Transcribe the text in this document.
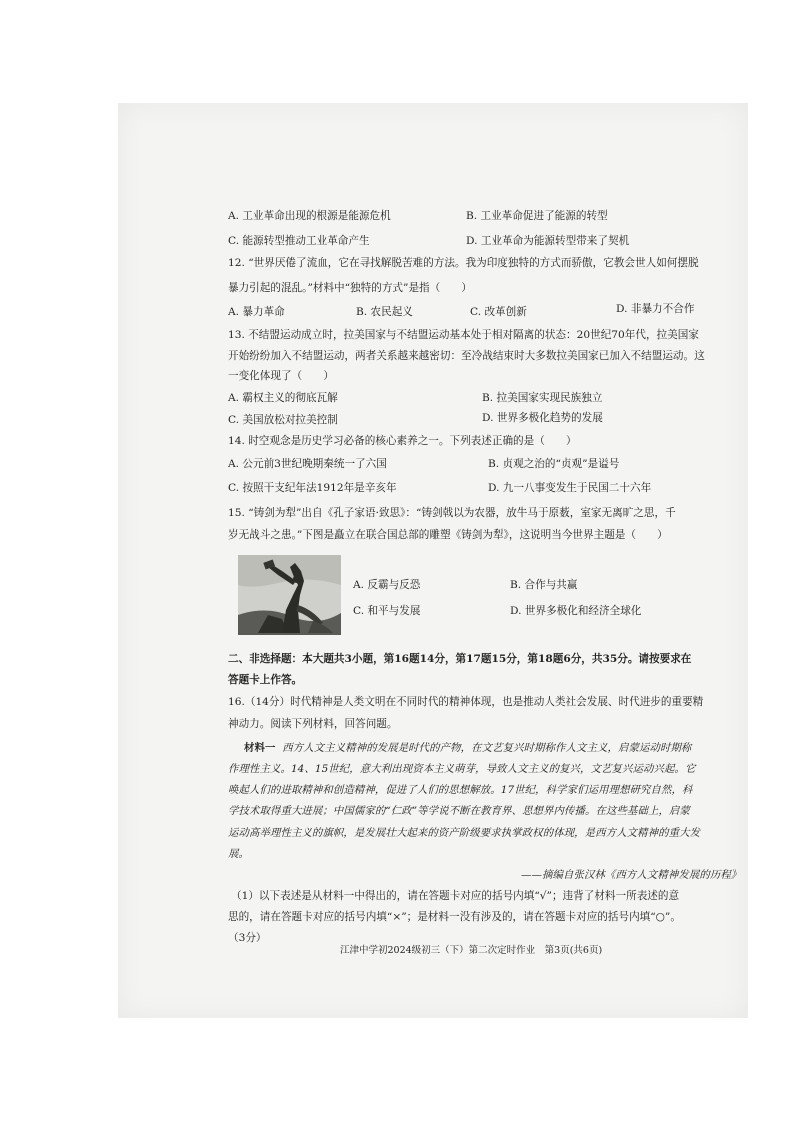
A. 工业革命出现的根源是能源危机	B. 工业革命促进了能源的转型
C. 能源转型推动工业革命产生	D. 工业革命为能源转型带来了契机
12. “世界厌倦了流血，它在寻找解脱苦难的方法。我为印度独特的方式而骄傲，它教会世人如何摆脱
暴力引起的混乱。”材料中“独特的方式”是指（　　）
A. 暴力革命	B. 农民起义	C. 改革创新	D. 非暴力不合作
13. 不结盟运动成立时，拉美国家与不结盟运动基本处于相对隔离的状态：20世纪70年代，拉美国家
开始纷纷加入不结盟运动，两者关系越来越密切：至冷战结束时大多数拉美国家已加入不结盟运动。这
一变化体现了（　　）
A. 霸权主义的彻底瓦解	B. 拉美国家实现民族独立
C. 美国放松对拉美控制	D. 世界多极化趋势的发展
14. 时空观念是历史学习必备的核心素养之一。下列表述正确的是（　　）
A. 公元前3世纪晚期秦统一了六国	B. 贞观之治的“贞观”是谥号
C. 按照干支纪年法1912年是辛亥年	D. 九一八事变发生于民国二十六年
15. “铸剑为犁”出自《孔子家语·致思》：“铸剑戟以为农器，放牛马于原薮，室家无离旷之思，千
岁无战斗之患。”下图是矗立在联合国总部的雕塑《铸剑为犁》，这说明当今世界主题是（　　）
A. 反霸与反恐	B. 合作与共赢
C. 和平与发展	D. 世界多极化和经济全球化
二、非选择题：本大题共3小题，第16题14分，第17题15分，第18题6分，共35分。请按要求在
答题卡上作答。
16.（14分）时代精神是人类文明在不同时代的精神体现，也是推动人类社会发展、时代进步的重要精
神动力。阅读下列材料，回答问题。
材料一 西方人文主义精神的发展是时代的产物，在文艺复兴时期称作人文主义，启蒙运动时期称
作理性主义。14、15世纪，意大利出现资本主义萌芽，导致人文主义的复兴，文艺复兴运动兴起。它
唤起人们的进取精神和创造精神，促进了人们的思想解放。17世纪，科学家们运用理想研究自然，科
学技术取得重大进展；中国儒家的“仁政”等学说不断在教育界、思想界内传播。在这些基础上，启蒙
运动高举理性主义的旗帜，是发展壮大起来的资产阶级要求执掌政权的体现，是西方人文精神的重大发
展。
——摘编自张汉林《西方人文精神发展的历程》
（1）以下表述是从材料一中得出的，请在答题卡对应的括号内填“√”；违背了材料一所表述的意
思的，请在答题卡对应的括号内填“×”；是材料一没有涉及的，请在答题卡对应的括号内填“○”。
（3分）
江津中学初2024级初三（下）第二次定时作业　第3页(共6页)
